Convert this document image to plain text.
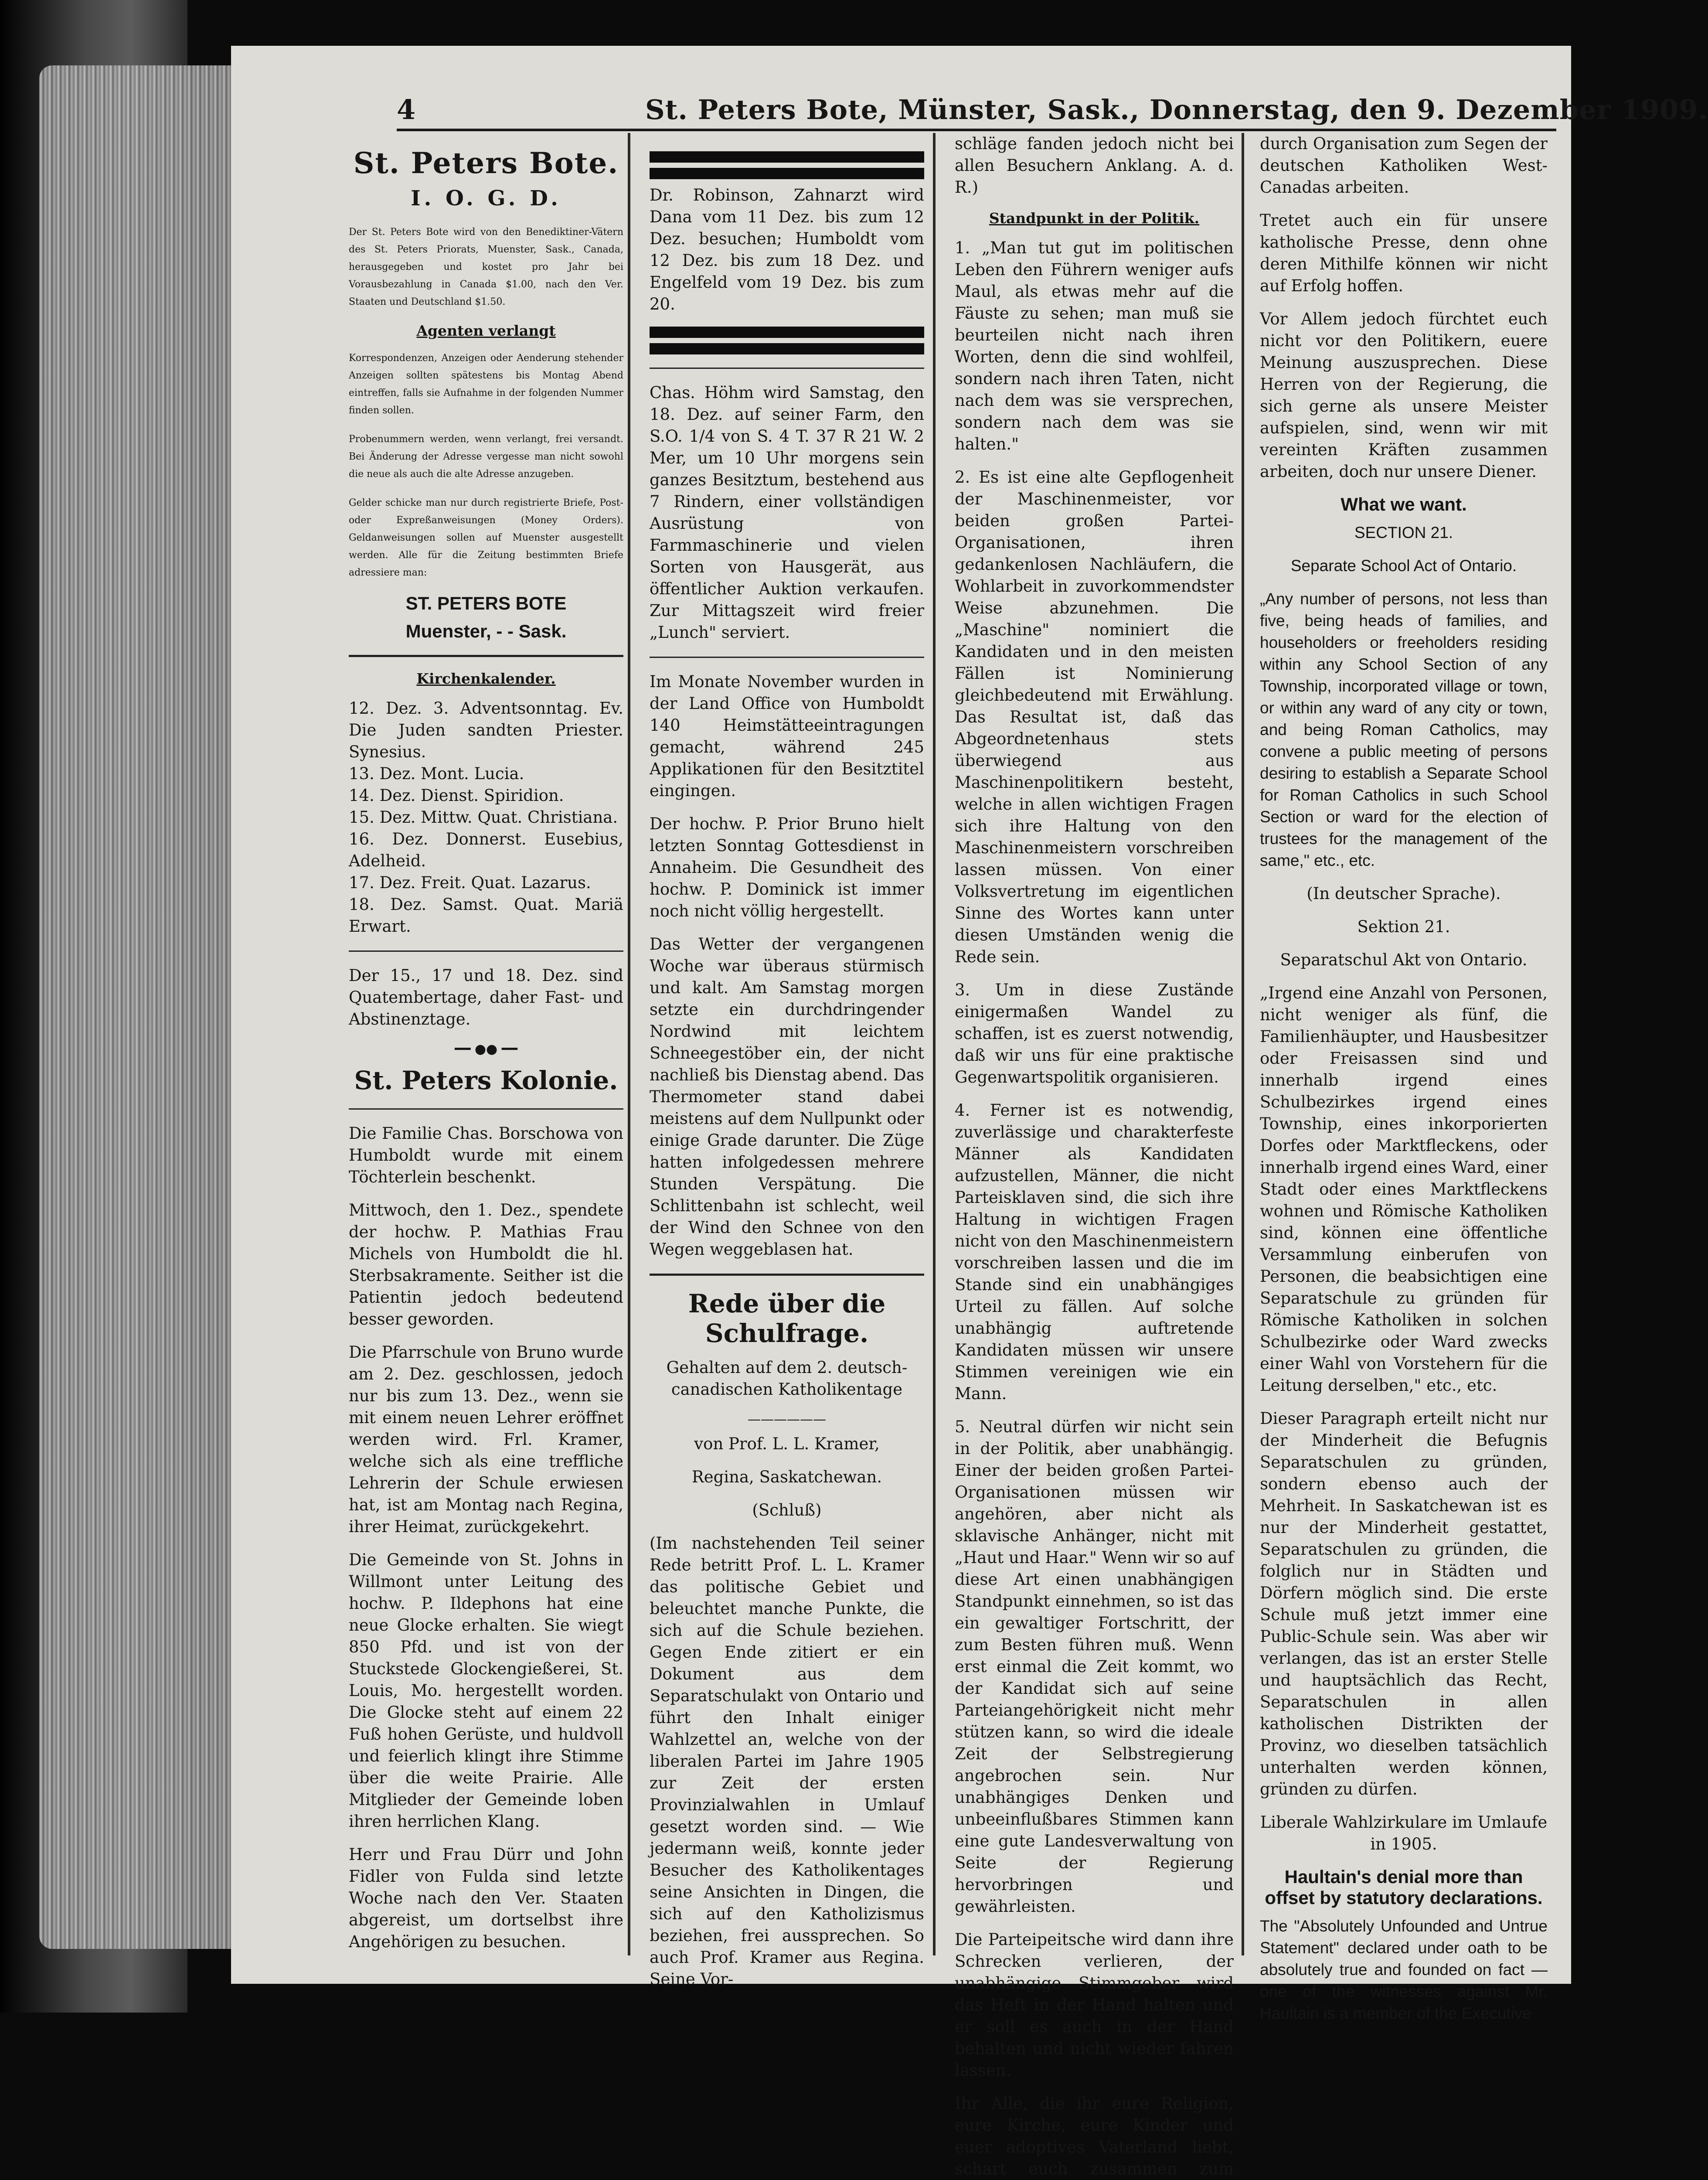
4	St. Peters Bote, Münster, Sask., Donnerstag, den 9. Dezember 1909.
St. Peters Bote.
I. O. G. D.

Der St. Peters Bote wird von den Benediktiner-Vätern des St. Peters Priorats, Muenster, Sask., Canada, herausgegeben und kostet pro Jahr bei Vorausbezahlung in Canada $1.00, nach den Ver. Staaten und Deutschland $1.50.

Agenten verlangt

Korrespondenzen, Anzeigen oder Aenderung stehender Anzeigen sollten spätestens bis Montag Abend eintreffen, falls sie Aufnahme in der folgenden Nummer finden sollen.

Probenummern werden, wenn verlangt, frei versandt. Bei Änderung der Adresse vergesse man nicht sowohl die neue als auch die alte Adresse anzugeben.

Gelder schicke man nur durch registrierte Briefe, Post- oder Expreßanweisungen (Money Orders). Geldanweisungen sollen auf Muenster ausgestellt werden. Alle für die Zeitung bestimmten Briefe adressiere man:

ST. PETERS BOTE
Muenster, - - Sask.
Kirchenkalender.

12. Dez. 3. Adventsonntag. Ev. Die Juden sandten Priester. Synesius.

13. Dez. Mont. Lucia.

14. Dez. Dienst. Spiridion.

15. Dez. Mittw. Quat. Christiana.

16. Dez. Donnerst. Eusebius, Adelheid.

17. Dez. Freit. Quat. Lazarus.

18. Dez. Samst. Quat. Mariä Erwart.

Der 15., 17 und 18. Dez. sind Quatembertage, daher Fast- und Abstinenztage.

━━ ●● ━━
St. Peters Kolonie.

Die Familie Chas. Borschowa von Humboldt wurde mit einem Töchterlein beschenkt.

Mittwoch, den 1. Dez., spendete der hochw. P. Mathias Frau Michels von Humboldt die hl. Sterbsakramente. Seither ist die Patientin jedoch bedeutend besser geworden.

Die Pfarrschule von Bruno wurde am 2. Dez. geschlossen, jedoch nur bis zum 13. Dez., wenn sie mit einem neuen Lehrer eröffnet werden wird. Frl. Kramer, welche sich als eine treffliche Lehrerin der Schule erwiesen hat, ist am Montag nach Regina, ihrer Heimat, zurückgekehrt.

Die Gemeinde von St. Johns in Willmont unter Leitung des hochw. P. Ildephons hat eine neue Glocke erhalten. Sie wiegt 850 Pfd. und ist von der Stuckstede Glockengießerei, St. Louis, Mo. hergestellt worden. Die Glocke steht auf einem 22 Fuß hohen Gerüste, und huldvoll und feierlich klingt ihre Stimme über die weite Prairie. Alle Mitglieder der Gemeinde loben ihren herrlichen Klang.

Herr und Frau Dürr und John Fidler von Fulda sind letzte Woche nach den Ver. Staaten abgereist, um dortselbst ihre Angehörigen zu besuchen.

Dr. Robinson, Zahnarzt wird Dana vom 11 Dez. bis zum 12 Dez. besuchen; Humboldt vom 12 Dez. bis zum 18 Dez. und Engelfeld vom 19 Dez. bis zum 20.

Chas. Höhm wird Samstag, den 18. Dez. auf seiner Farm, den S.O. 1/4 von S. 4 T. 37 R 21 W. 2 Mer, um 10 Uhr morgens sein ganzes Besitztum, bestehend aus 7 Rindern, einer vollständigen Ausrüstung von Farmmaschinerie und vielen Sorten von Hausgerät, aus öffentlicher Auktion verkaufen. Zur Mittagszeit wird freier „Lunch" serviert.

Im Monate November wurden in der Land Office von Humboldt 140 Heimstätteeintragungen gemacht, während 245 Applikationen für den Besitztitel eingingen.

Der hochw. P. Prior Bruno hielt letzten Sonntag Gottesdienst in Annaheim. Die Gesundheit des hochw. P. Dominick ist immer noch nicht völlig hergestellt.

Das Wetter der vergangenen Woche war überaus stürmisch und kalt. Am Samstag morgen setzte ein durchdringender Nordwind mit leichtem Schneegestöber ein, der nicht nachließ bis Dienstag abend. Das Thermometer stand dabei meistens auf dem Nullpunkt oder einige Grade darunter. Die Züge hatten infolgedessen mehrere Stunden Verspätung. Die Schlittenbahn ist schlecht, weil der Wind den Schnee von den Wegen weggeblasen hat.

Rede über die Schulfrage.

Gehalten auf dem 2. deutsch-canadischen Katholikentage

——————

von Prof. L. L. Kramer,

Regina, Saskatchewan.

(Schluß)

(Im nachstehenden Teil seiner Rede betritt Prof. L. L. Kramer das politische Gebiet und beleuchtet manche Punkte, die sich auf die Schule beziehen. Gegen Ende zitiert er ein Dokument aus dem Separatschulakt von Ontario und führt den Inhalt einiger Wahlzettel an, welche von der liberalen Partei im Jahre 1905 zur Zeit der ersten Provinzialwahlen in Umlauf gesetzt worden sind. — Wie jedermann weiß, konnte jeder Besucher des Katholikentages seine Ansichten in Dingen, die sich auf den Katholizismus beziehen, frei aussprechen. So auch Prof. Kramer aus Regina. Seine Vor-

schläge fanden jedoch nicht bei allen Besuchern Anklang. A. d. R.)

Standpunkt in der Politik.

1. „Man tut gut im politischen Leben den Führern weniger aufs Maul, als etwas mehr auf die Fäuste zu sehen; man muß sie beurteilen nicht nach ihren Worten, denn die sind wohlfeil, sondern nach ihren Taten, nicht nach dem was sie versprechen, sondern nach dem was sie halten."

2. Es ist eine alte Gepflogenheit der Maschinenmeister, vor beiden großen Partei-Organisationen, ihren gedankenlosen Nachläufern, die Wohlarbeit in zuvorkommendster Weise abzunehmen. Die „Maschine" nominiert die Kandidaten und in den meisten Fällen ist Nominierung gleichbedeutend mit Erwählung. Das Resultat ist, daß das Abgeordnetenhaus stets überwiegend aus Maschinenpolitikern besteht, welche in allen wichtigen Fragen sich ihre Haltung von den Maschinenmeistern vorschreiben lassen müssen. Von einer Volksvertretung im eigentlichen Sinne des Wortes kann unter diesen Umständen wenig die Rede sein.

3. Um in diese Zustände einigermaßen Wandel zu schaffen, ist es zuerst notwendig, daß wir uns für eine praktische Gegenwartspolitik organisieren.

4. Ferner ist es notwendig, zuverlässige und charakterfeste Männer als Kandidaten aufzustellen, Männer, die nicht Parteisklaven sind, die sich ihre Haltung in wichtigen Fragen nicht von den Maschinenmeistern vorschreiben lassen und die im Stande sind ein unabhängiges Urteil zu fällen. Auf solche unabhängig auftretende Kandidaten müssen wir unsere Stimmen vereinigen wie ein Mann.

5. Neutral dürfen wir nicht sein in der Politik, aber unabhängig. Einer der beiden großen Partei-Organisationen müssen wir angehören, aber nicht als sklavische Anhänger, nicht mit „Haut und Haar." Wenn wir so auf diese Art einen unabhängigen Standpunkt einnehmen, so ist das ein gewaltiger Fortschritt, der zum Besten führen muß. Wenn erst einmal die Zeit kommt, wo der Kandidat sich auf seine Parteiangehörigkeit nicht mehr stützen kann, so wird die ideale Zeit der Selbstregierung angebrochen sein. Nur unabhängiges Denken und unbeeinflußbares Stimmen kann eine gute Landesverwaltung von Seite der Regierung hervorbringen und gewährleisten.

Die Parteipeitsche wird dann ihre Schrecken verlieren, der unabhängige Stimmgeber wird das Heft in der Hand halten und er soll es auch in der Hand behalten und nicht wieder fahren lassen.

Ihr Alle, die ihr eure Religion, eure Kirche, eure Kinder und euer adoptives Vaterland liebt, schart euch zusammen zum

durch Organisation zum Segen der deutschen Katholiken West-Canadas arbeiten.

Tretet auch ein für unsere katholische Presse, denn ohne deren Mithilfe können wir nicht auf Erfolg hoffen.

Vor Allem jedoch fürchtet euch nicht vor den Politikern, euere Meinung auszusprechen. Diese Herren von der Regierung, die sich gerne als unsere Meister aufspielen, sind, wenn wir mit vereinten Kräften zusammen arbeiten, doch nur unsere Diener.

What we want.

SECTION 21.

Separate School Act of Ontario.

„Any number of persons, not less than five, being heads of families, and householders or freeholders residing within any School Section of any Township, incorporated village or town, or within any ward of any city or town, and being Roman Catholics, may convene a public meeting of persons desiring to establish a Separate School for Roman Catholics in such School Section or ward for the election of trustees for the management of the same," etc., etc.

(In deutscher Sprache).

Sektion 21.

Separatschul Akt von Ontario.

„Irgend eine Anzahl von Personen, nicht weniger als fünf, die Familienhäupter, und Hausbesitzer oder Freisassen sind und innerhalb irgend eines Schulbezirkes irgend eines Township, eines inkorporierten Dorfes oder Marktfleckens, oder innerhalb irgend eines Ward, einer Stadt oder eines Marktfleckens wohnen und Römische Katholiken sind, können eine öffentliche Versammlung einberufen von Personen, die beabsichtigen eine Separatschule zu gründen für Römische Katholiken in solchen Schulbezirke oder Ward zwecks einer Wahl von Vorstehern für die Leitung derselben," etc., etc.

Dieser Paragraph erteilt nicht nur der Minderheit die Befugnis Separatschulen zu gründen, sondern ebenso auch der Mehrheit. In Saskatchewan ist es nur der Minderheit gestattet, Separatschulen zu gründen, die folglich nur in Städten und Dörfern möglich sind. Die erste Schule muß jetzt immer eine Public-Schule sein. Was aber wir verlangen, das ist an erster Stelle und hauptsächlich das Recht, Separatschulen in allen katholischen Distrikten der Provinz, wo dieselben tatsächlich unterhalten werden können, gründen zu dürfen.

Liberale Wahlzirkulare im Umlaufe in 1905.

Haultain's denial more than offset by statutory declarations.

The "Absolutely Unfounded and Untrue Statement" declared under oath to be absolutely true and founded on fact — one of the witnesses against Mr. Haultain is a member of the Executive
